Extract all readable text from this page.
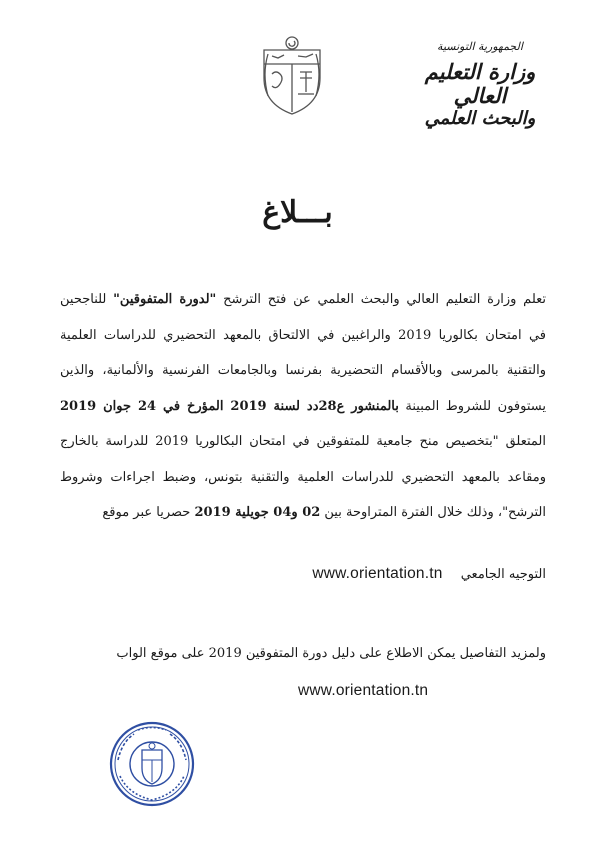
الجمهورية التونسية
وزارة التعليم العالي
والبحث العلمي
بـــلاغ
تعلم وزارة التعليم العالي والبحث العلمي عن فتح الترشح "لدورة المتفوقين" للناجحين
في امتحان بكالوريا 2019 والراغبين في الالتحاق بالمعهد التحضيري للدراسات العلمية
والتقنية بالمرسى وبالأقسام التحضيرية بفرنسا وبالجامعات الفرنسية والألمانية، والذين
يستوفون للشروط المبينة بالمنشور ع28دد لسنة 2019 المؤرخ في 24 جوان 2019
المتعلق "بتخصيص منح جامعية للمتفوقين في امتحان البكالوريا 2019 للدراسة بالخارج
ومقاعد بالمعهد التحضيري للدراسات العلمية والتقنية بتونس، وضبط اجراءات وشروط
الترشح"، وذلك خلال الفترة المتراوحة بين 02 و04 جويلية 2019 حصريا عبر موقع
التوجيه الجامعي www.orientation.tn
ولمزيد التفاصيل يمكن الاطلاع على دليل دورة المتفوقين 2019 على موقع الواب
www.orientation.tn
